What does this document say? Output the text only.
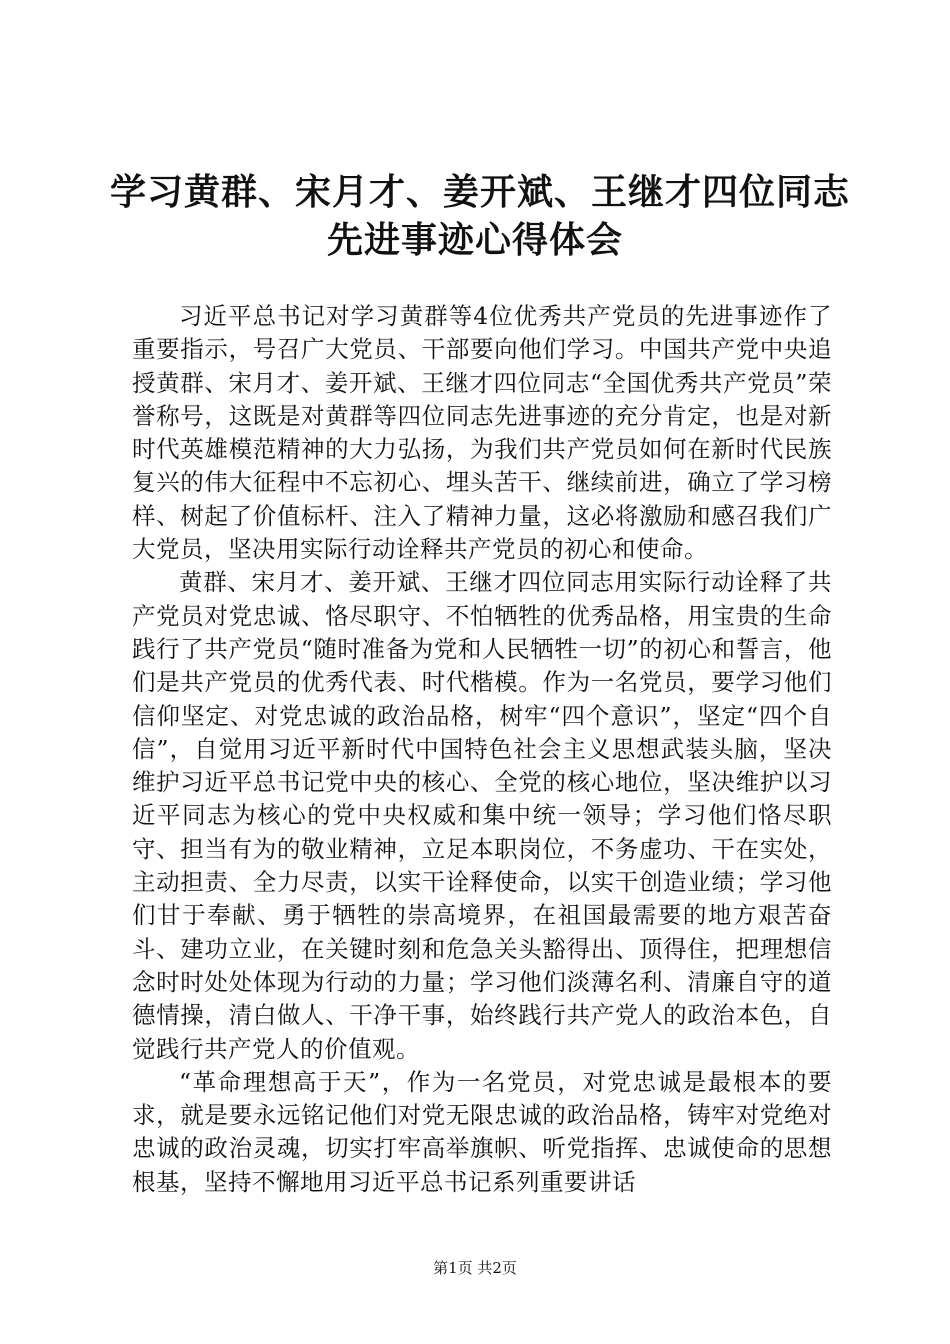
学习黄群、宋月才、姜开斌、王继才四位同志
先进事迹心得体会

习近平总书记对学习黄群等4位优秀共产党员的先进事迹作了重要指示，号召广大党员、干部要向他们学习。中国共产党中央追授黄群、宋月才、姜开斌、王继才四位同志“全国优秀共产党员”荣誉称号，这既是对黄群等四位同志先进事迹的充分肯定，也是对新时代英雄模范精神的大力弘扬，为我们共产党员如何在新时代民族复兴的伟大征程中不忘初心、埋头苦干、继续前进，确立了学习榜样、树起了价值标杆、注入了精神力量，这必将激励和感召我们广大党员，坚决用实际行动诠释共产党员的初心和使命。

黄群、宋月才、姜开斌、王继才四位同志用实际行动诠释了共产党员对党忠诚、恪尽职守、不怕牺牲的优秀品格，用宝贵的生命践行了共产党员“随时准备为党和人民牺牲一切”的初心和誓言，他们是共产党员的优秀代表、时代楷模。作为一名党员，要学习他们信仰坚定、对党忠诚的政治品格，树牢“四个意识”，坚定“四个自信”，自觉用习近平新时代中国特色社会主义思想武装头脑，坚决维护习近平总书记党中央的核心、全党的核心地位，坚决维护以习近平同志为核心的党中央权威和集中统一领导；学习他们恪尽职守、担当有为的敬业精神，立足本职岗位，不务虚功、干在实处，主动担责、全力尽责，以实干诠释使命，以实干创造业绩；学习他们甘于奉献、勇于牺牲的崇高境界，在祖国最需要的地方艰苦奋斗、建功立业，在关键时刻和危急关头豁得出、顶得住，把理想信念时时处处体现为行动的力量；学习他们淡薄名利、清廉自守的道德情操，清白做人、干净干事，始终践行共产党人的政治本色，自觉践行共产党人的价值观。

“革命理想高于天”，作为一名党员，对党忠诚是最根本的要求，就是要永远铭记他们对党无限忠诚的政治品格，铸牢对党绝对忠诚的政治灵魂，切实打牢高举旗帜、听党指挥、忠诚使命的思想根基，坚持不懈地用习近平总书记系列重要讲话

第1页 共2页
